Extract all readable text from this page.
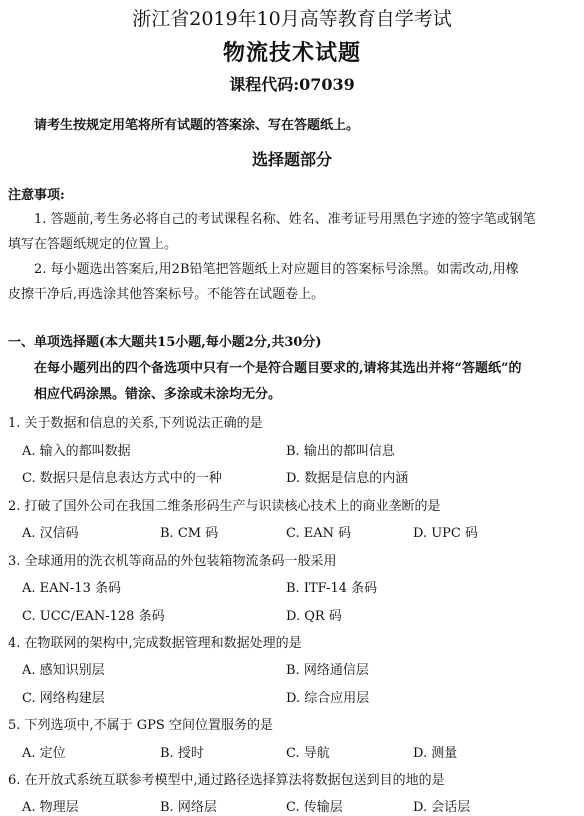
浙江省2019年10月高等教育自学考试
物流技术试题
课程代码:07039
请考生按规定用笔将所有试题的答案涂、写在答题纸上。
选择题部分
注意事项:
1. 答题前,考生务必将自己的考试课程名称、姓名、准考证号用黑色字迹的签字笔或钢笔
填写在答题纸规定的位置上。
2. 每小题选出答案后,用2B铅笔把答题纸上对应题目的答案标号涂黑。如需改动,用橡
皮擦干净后,再选涂其他答案标号。不能答在试题卷上。
一、单项选择题(本大题共15小题,每小题2分,共30分)
在每小题列出的四个备选项中只有一个是符合题目要求的,请将其选出并将“答题纸”的
相应代码涂黑。错涂、多涂或未涂均无分。
1. 关于数据和信息的关系,下列说法正确的是
A. 输入的都叫数据	B. 输出的都叫信息
C. 数据只是信息表达方式中的一种	D. 数据是信息的内涵
2. 打破了国外公司在我国二维条形码生产与识读核心技术上的商业垄断的是
A. 汉信码	B. CM 码	C. EAN 码	D. UPC 码
3. 全球通用的洗衣机等商品的外包装箱物流条码一般采用
A. EAN-13 条码	B. ITF-14 条码
C. UCC/EAN-128 条码	D. QR 码
4. 在物联网的架构中,完成数据管理和数据处理的是
A. 感知识别层	B. 网络通信层
C. 网络构建层	D. 综合应用层
5. 下列选项中,不属于 GPS 空间位置服务的是
A. 定位	B. 授时	C. 导航	D. 测量
6. 在开放式系统互联参考模型中,通过路径选择算法将数据包送到目的地的是
A. 物理层	B. 网络层	C. 传输层	D. 会话层
